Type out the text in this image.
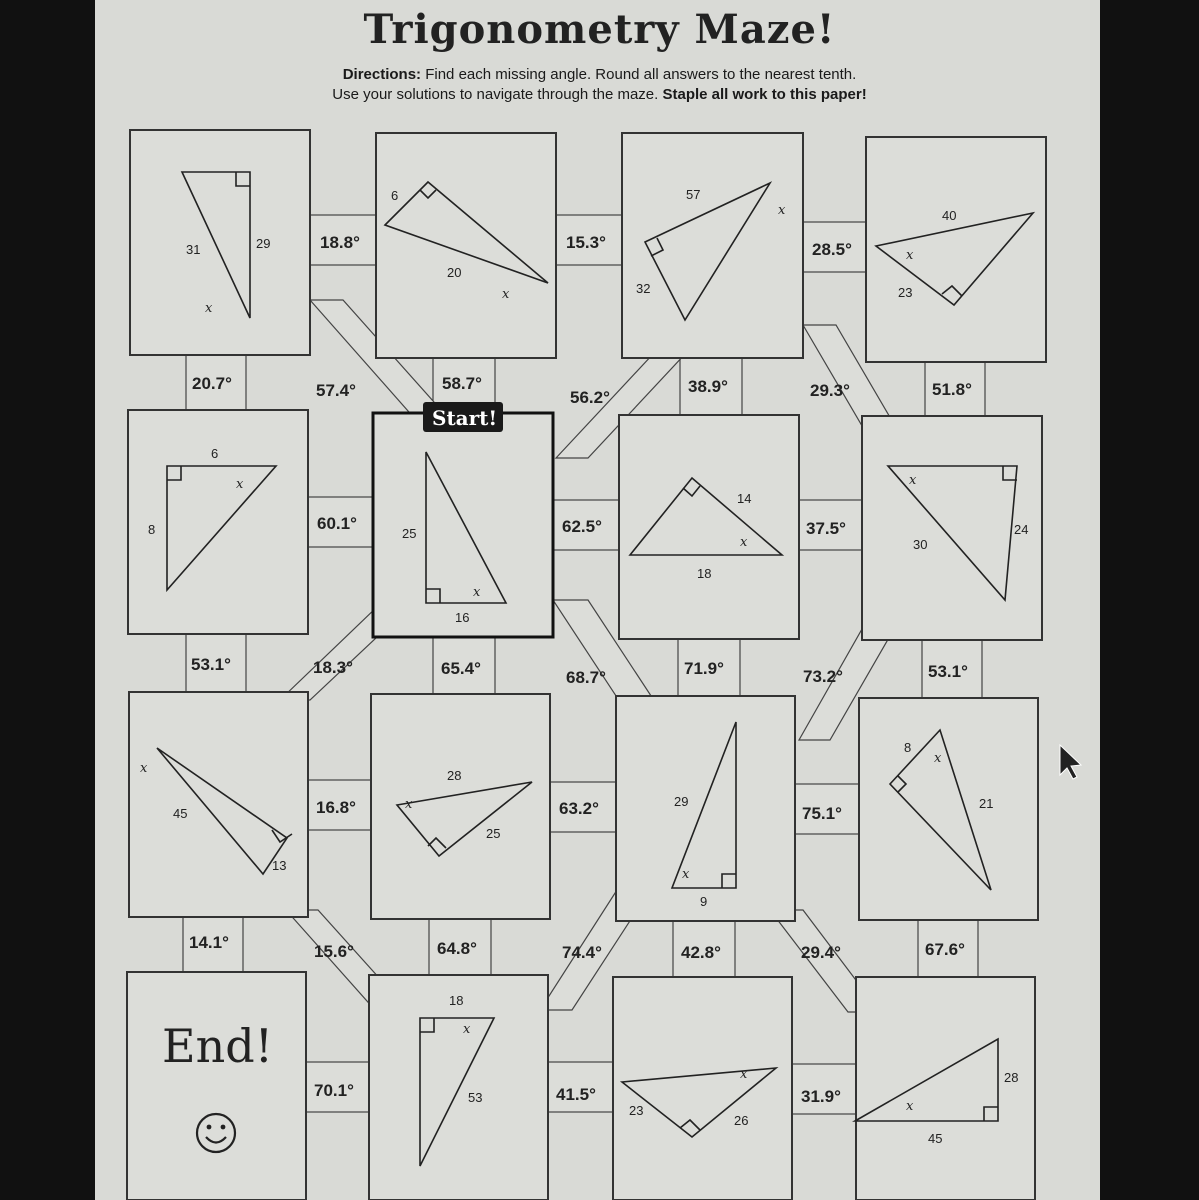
Trigonometry Maze!
Directions: Find each missing angle. Round all answers to the nearest tenth.
Use your solutions to navigate through the maze. Staple all work to this paper!
31	29
6
20
57
32
40
23
6
8	25
16
14
18
30
24
45
13
28
25
29
9
8
21
18
53
23
26
28
45
x
x
x
x
x
x
x
x
x
x
x
x
x
x
x
18.8°	15.3°	28.5°
60.1°	62.5°	37.5°
16.8°	63.2°	75.1°
70.1°	41.5°	31.9°
20.7°	58.7°	38.9°	51.8°
53.1°	65.4°	71.9°	53.1°
14.1°	64.8°	42.8°	67.6°
57.4°	56.2°	29.3°
18.3°
68.7°	73.2°
15.6°	74.4°	29.4°
Start!
End!
